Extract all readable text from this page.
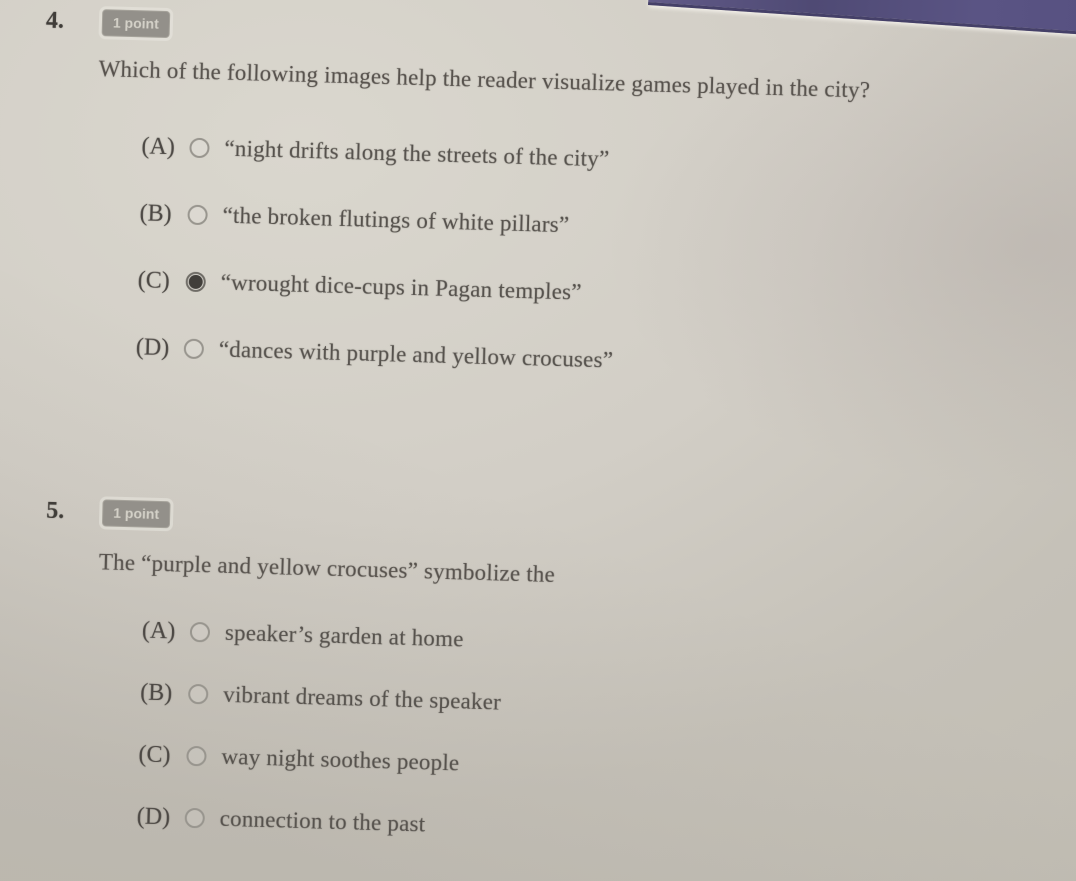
4.	1 point
Which of the following images help the reader visualize games played in the city?
(A)	“night drifts along the streets of the city”
(B)	“the broken flutings of white pillars”
(C)	“wrought dice-cups in Pagan temples”
(D)	“dances with purple and yellow crocuses”
5.	1 point
The “purple and yellow crocuses” symbolize the
(A)	speaker’s garden at home
(B)	vibrant dreams of the speaker
(C)	way night soothes people
(D)	connection to the past
